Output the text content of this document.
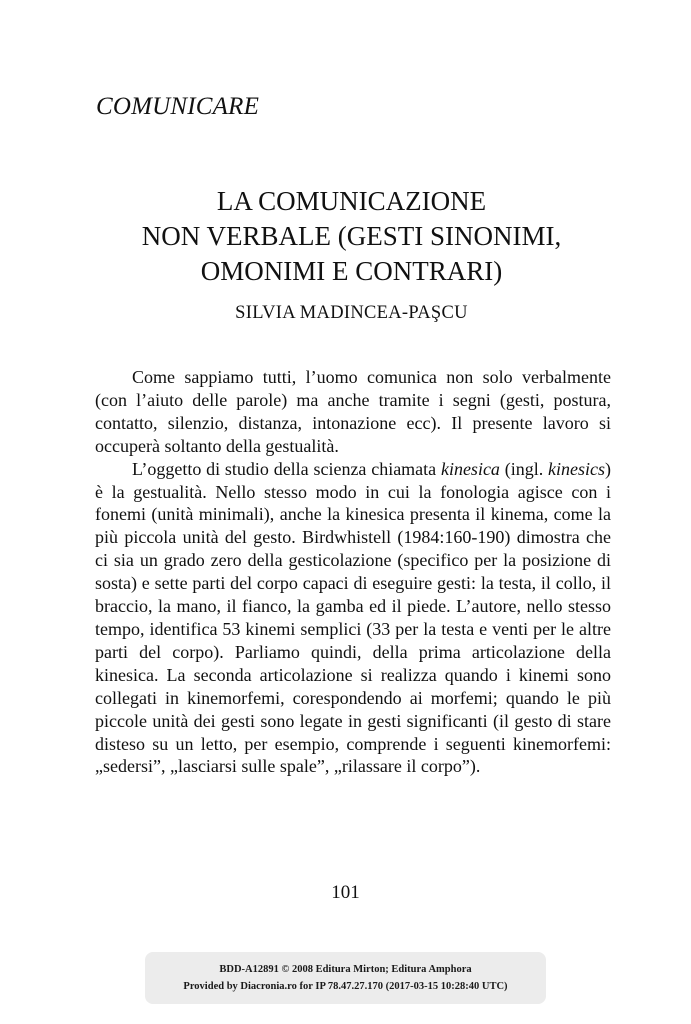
COMUNICARE
LA COMUNICAZIONE
NON VERBALE (GESTI SINONIMI,
OMONIMI E CONTRARI)
SILVIA MADINCEA-PAŞCU

Come sappiamo tutti, l’uomo comunica non solo verbalmente (con l’aiuto delle parole) ma anche tramite i segni (gesti, postura, contatto, silenzio, distanza, intonazione ecc). Il presente lavoro si occuperà soltanto della gestualità.

L’oggetto di studio della scienza chiamata kinesica (ingl. kinesics) è la gestualità. Nello stesso modo in cui la fonologia agisce con i fonemi (unità minimali), anche la kinesica presenta il kinema, come la più piccola unità del gesto. Birdwhistell (1984:160-190) dimostra che ci sia un grado zero della gesticolazione (specifico per la posizione di sosta) e sette parti del corpo capaci di eseguire gesti: la testa, il collo, il braccio, la mano, il fianco, la gamba ed il piede. L’autore, nello stesso tempo, identifica 53 kinemi semplici (33 per la testa e venti per le altre parti del corpo). Parliamo quindi, della prima articolazione della kinesica. La seconda articolazione si realizza quando i kinemi sono collegati in kinemorfemi, corespondendo ai morfemi; quando le più piccole unità dei gesti sono legate in gesti significanti (il gesto di stare disteso su un letto, per esempio, comprende i seguenti kinemorfemi: „sedersi”, „lasciarsi sulle spale”, „rilassare il corpo”).

101
BDD-A12891 © 2008 Editura Mirton; Editura Amphora
Provided by Diacronia.ro for IP 78.47.27.170 (2017-03-15 10:28:40 UTC)
